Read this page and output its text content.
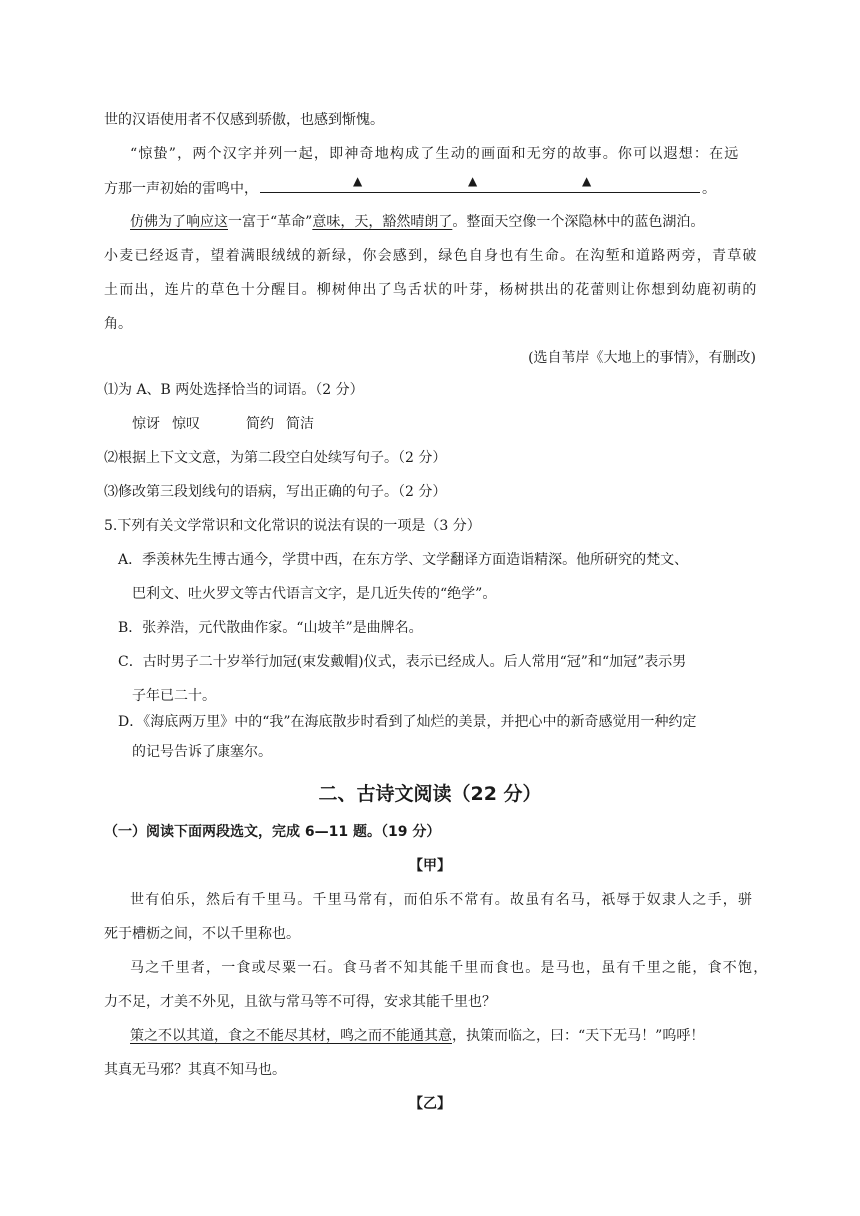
世的汉语使用者不仅感到骄傲，也感到惭愧。
“惊蛰”，两个汉字并列一起，即神奇地构成了生动的画面和无穷的故事。你可以遐想：在远
方那一声初始的雷鸣中，	▲	▲	▲	。
仿佛为了响应这一富于“革命”意味，天，豁然晴朗了。整面天空像一个深隐林中的蓝色湖泊。
小麦已经返青，望着满眼绒绒的新绿，你会感到，绿色自身也有生命。在沟堑和道路两旁，青草破
土而出，连片的草色十分醒目。柳树伸出了鸟舌状的叶芽，杨树拱出的花蕾则让你想到幼鹿初萌的
角。
(选自苇岸《大地上的事情》，有删改)
⑴为 A、B 两处选择恰当的词语。（2 分）
惊讶 惊叹	简约 简洁
⑵根据上下文文意，为第二段空白处续写句子。（2 分）
⑶修改第三段划线句的语病，写出正确的句子。（2 分）
5.下列有关文学常识和文化常识的说法有误的一项是（3 分）
A．季羡林先生博古通今，学贯中西，在东方学、文学翻译方面造诣精深。他所研究的梵文、
巴利文、吐火罗文等古代语言文字，是几近失传的“绝学”。
B．张养浩，元代散曲作家。“山坡羊”是曲牌名。
C．古时男子二十岁举行加冠(束发戴帽)仪式，表示已经成人。后人常用“冠”和“加冠”表示男
子年已二十。
D．《海底两万里》中的“我”在海底散步时看到了灿烂的美景，并把心中的新奇感觉用一种约定
的记号告诉了康塞尔。
二、古诗文阅读（22 分）
（一）阅读下面两段选文，完成 6—11 题。（19 分）
【甲】
世有伯乐，然后有千里马。千里马常有，而伯乐不常有。故虽有名马，祇辱于奴隶人之手，骈
死于槽枥之间，不以千里称也。
马之千里者，一食或尽粟一石。食马者不知其能千里而食也。是马也，虽有千里之能，食不饱，
力不足，才美不外见，且欲与常马等不可得，安求其能千里也？
策之不以其道，食之不能尽其材，鸣之而不能通其意，执策而临之，曰：“天下无马！”呜呼！
其真无马邪？其真不知马也。
【乙】
